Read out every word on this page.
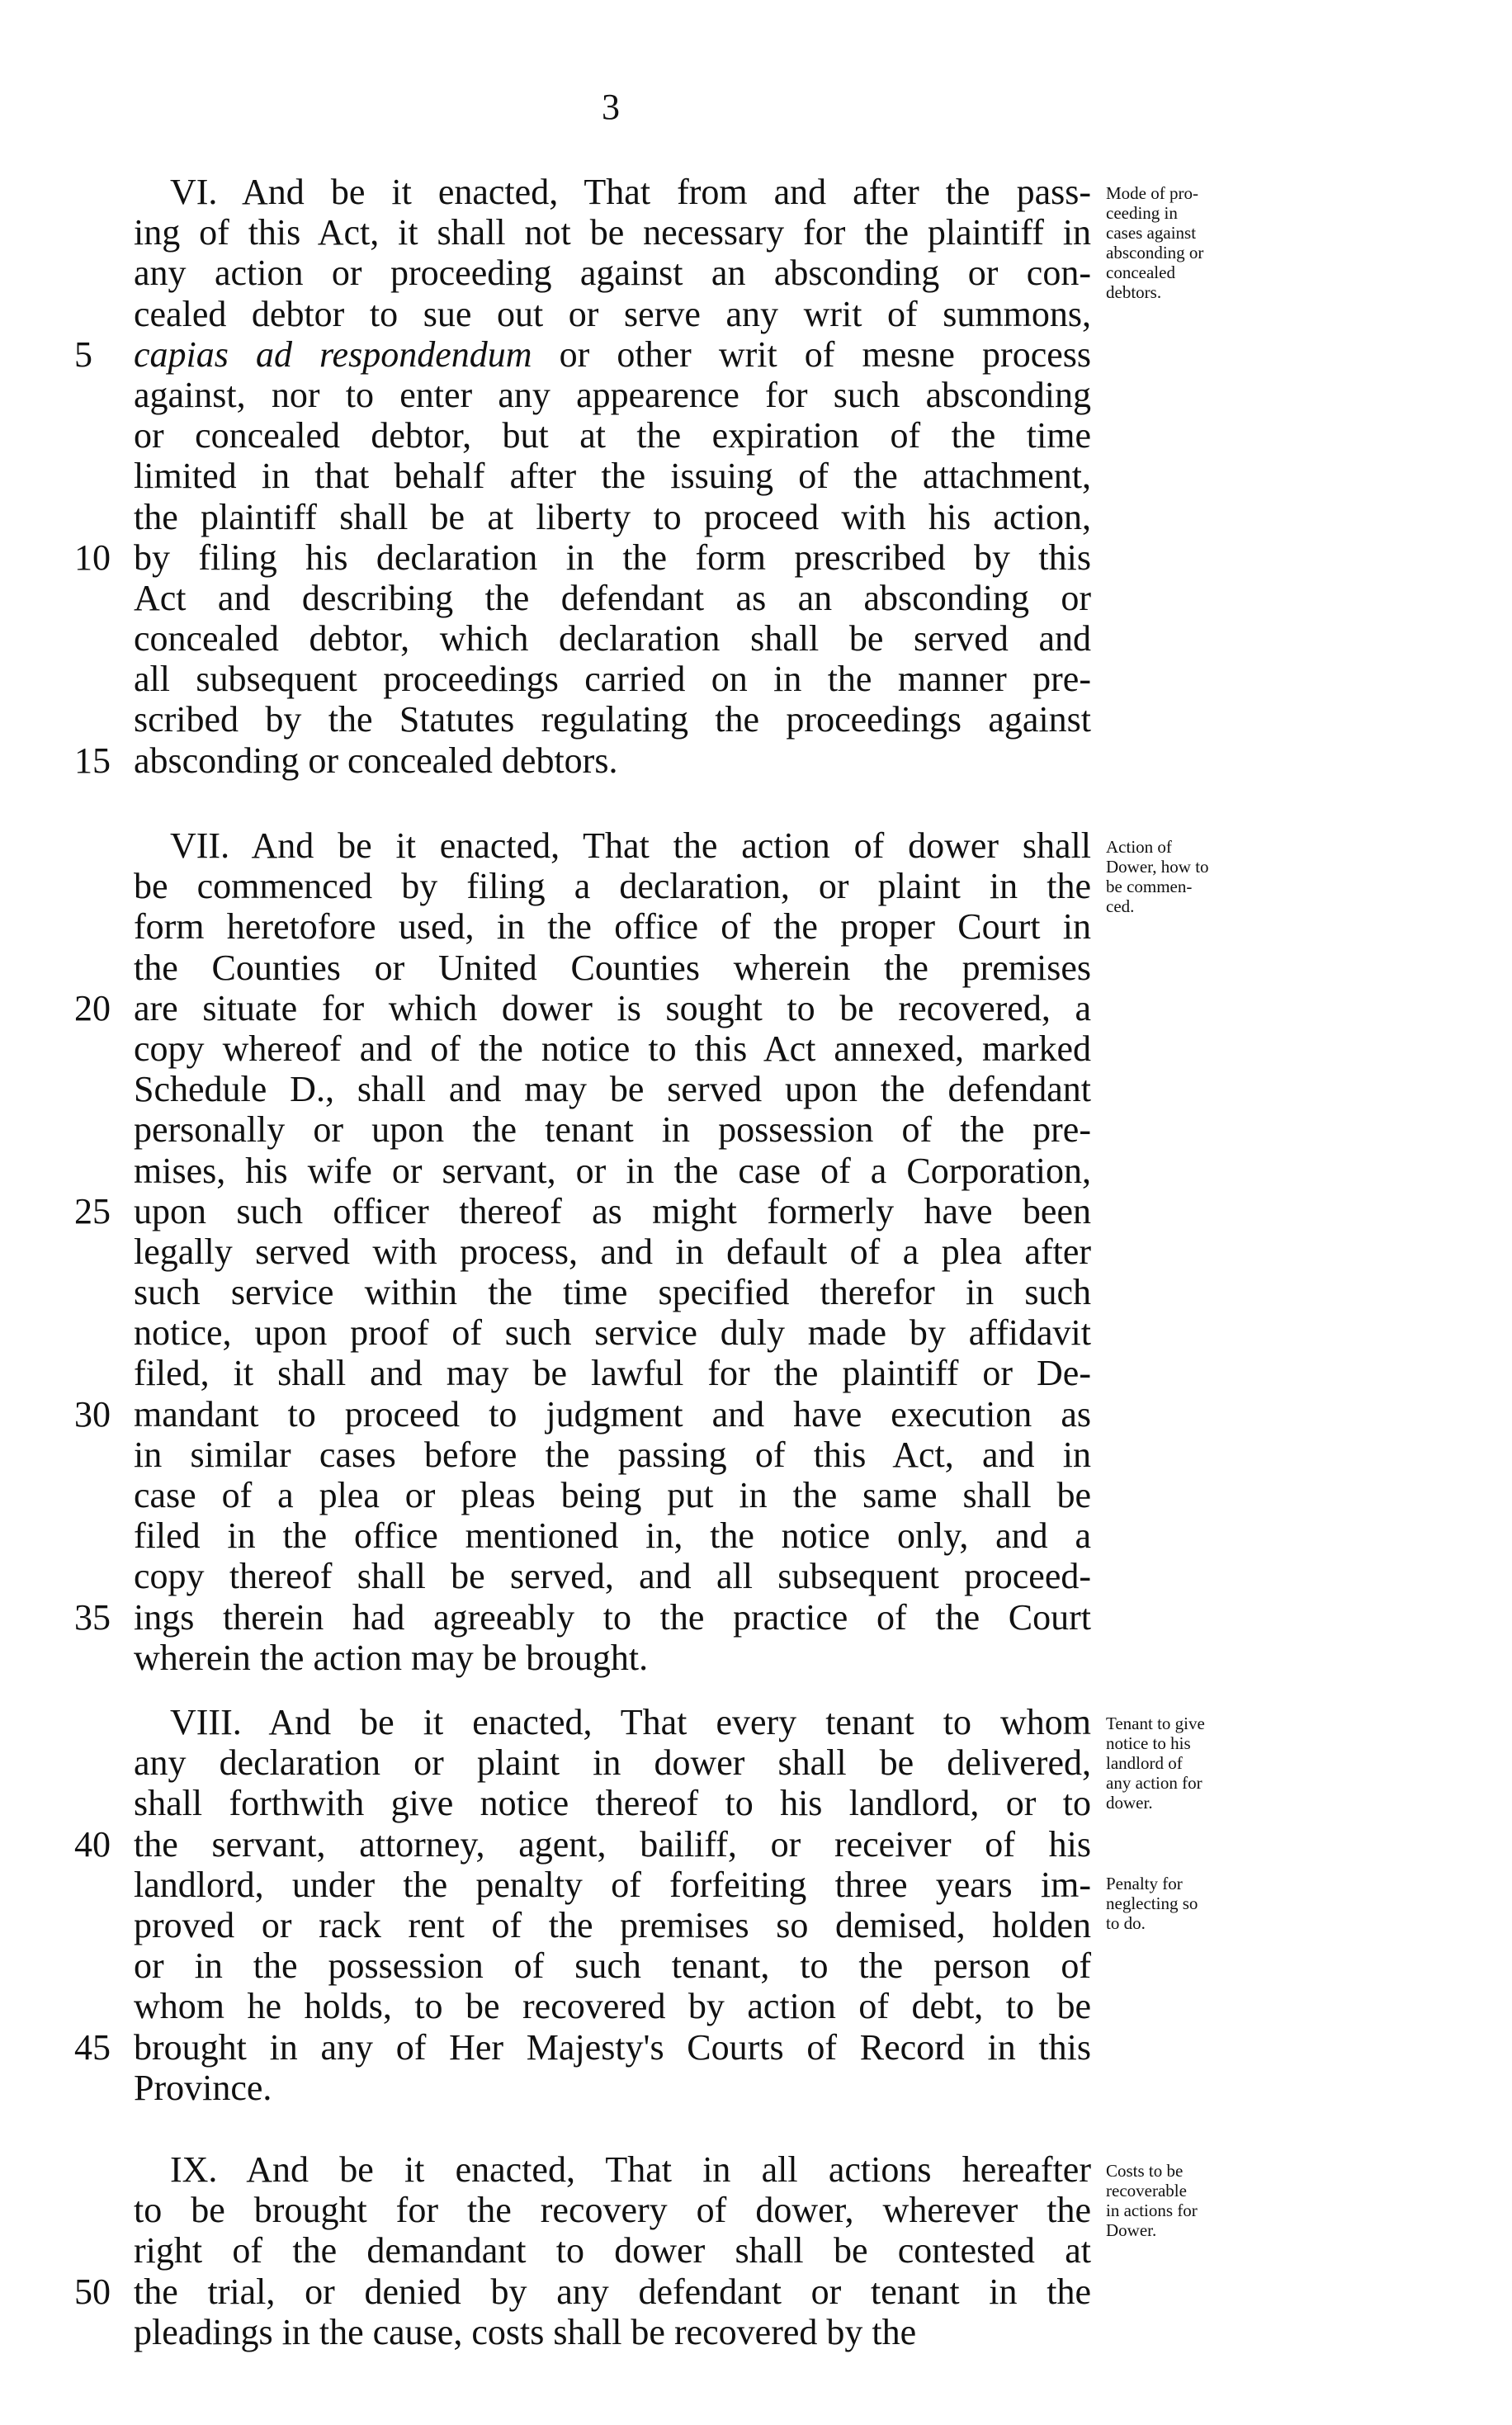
3
VI. And be it enacted, That from and after the pass-
ing of this Act, it shall not be necessary for the plaintiff in
any action or proceeding against an absconding or con-
cealed debtor to sue out or serve any writ of summons,
5	capias ad respondendum or other writ of mesne process
against, nor to enter any appearence for such absconding
or concealed debtor, but at the expiration of the time
limited in that behalf after the issuing of the attachment,
the plaintiff shall be at liberty to proceed with his action,
10 by filing his declaration in the form prescribed by this
Act and describing the defendant as an absconding or
concealed debtor, which declaration shall be served and
all subsequent proceedings carried on in the manner pre-
scribed by the Statutes regulating the proceedings against
15 absconding or concealed debtors.
Mode of pro-
ceeding in
cases against
absconding or
concealed
debtors.
VII. And be it enacted, That the action of dower shall
be commenced by filing a declaration, or plaint in the
form heretofore used, in the office of the proper Court in
the Counties or United Counties wherein the premises
20 are situate for which dower is sought to be recovered, a
copy whereof and of the notice to this Act annexed, marked
Schedule D., shall and may be served upon the defendant
personally or upon the tenant in possession of the pre-
mises, his wife or servant, or in the case of a Corporation,
25 upon such officer thereof as might formerly have been
legally served with process, and in default of a plea after
such service within the time specified therefor in such
notice, upon proof of such service duly made by affidavit
filed, it shall and may be lawful for the plaintiff or De-
30 mandant to proceed to judgment and have execution as
in similar cases before the passing of this Act, and in
case of a plea or pleas being put in the same shall be
filed in the office mentioned in, the notice only, and a
copy thereof shall be served, and all subsequent proceed-
35 ings therein had agreeably to the practice of the Court
wherein the action may be brought.
Action of
Dower, how to
be commen-
ced.
VIII. And be it enacted, That every tenant to whom
any declaration or plaint in dower shall be delivered,
shall forthwith give notice thereof to his landlord, or to
40 the servant, attorney, agent, bailiff, or receiver of his
landlord, under the penalty of forfeiting three years im-
proved or rack rent of the premises so demised, holden
or in the possession of such tenant, to the person of
whom he holds, to be recovered by action of debt, to be
45 brought in any of Her Majesty's Courts of Record in this
Province.
Tenant to give
notice to his
landlord of
any action for
dower.
Penalty for
neglecting so
to do.
IX. And be it enacted, That in all actions hereafter
to be brought for the recovery of dower, wherever the
right of the demandant to dower shall be contested at
50 the trial, or denied by any defendant or tenant in the
pleadings in the cause, costs shall be recovered by the
Costs to be
recoverable
in actions for
Dower.
